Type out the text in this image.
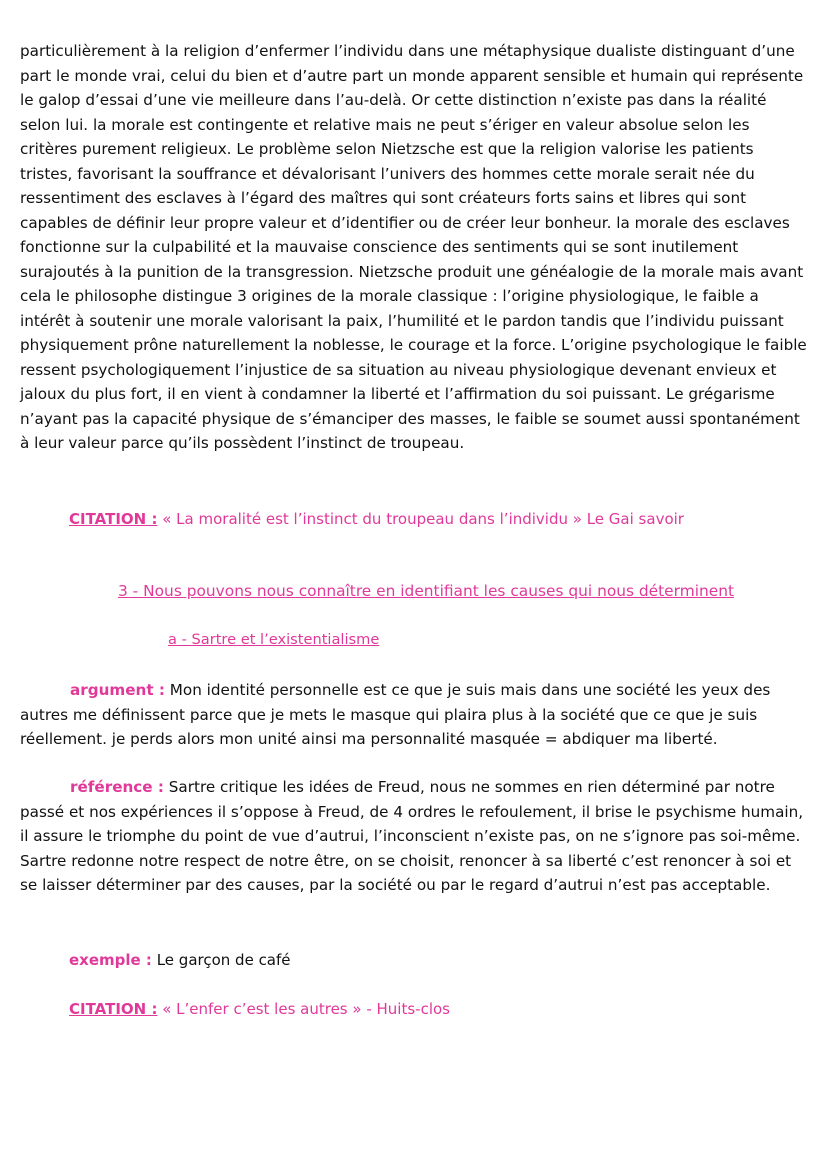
particulièrement à la religion d’enfermer l’individu dans une métaphysique dualiste distinguant d’une part le monde vrai, celui du bien et d’autre part un monde apparent sensible et humain qui représente le galop d’essai d’une vie meilleure dans l’au-delà. Or cette distinction n’existe pas dans la réalité selon lui. la morale est contingente et relative mais ne peut s’ériger en valeur absolue selon les critères purement religieux. Le problème selon Nietzsche est que la religion valorise les patients tristes, favorisant la souffrance et dévalorisant l’univers des hommes cette morale serait née du ressentiment des esclaves à l’égard des maîtres qui sont créateurs forts sains et libres qui sont capables de définir leur propre valeur et d’identifier ou de créer leur bonheur. la morale des esclaves fonctionne sur la culpabilité et la mauvaise conscience des sentiments qui se sont inutilement surajoutés à la punition de la transgression. Nietzsche produit une généalogie de la morale mais avant cela le philosophe distingue 3 origines de la morale classique : l’origine physiologique, le faible a intérêt à soutenir une morale valorisant la paix, l’humilité et le pardon tandis que l’individu puissant physiquement prône naturellement la noblesse, le courage et la force. L’origine psychologique le faible ressent psychologiquement l’injustice de sa situation au niveau physiologique devenant envieux et jaloux du plus fort, il en vient à condamner la liberté et l’affirmation du soi puissant. Le grégarisme n’ayant pas la capacité physique de s’émanciper des masses, le faible se soumet aussi spontanément à leur valeur parce qu’ils possèdent l’instinct de troupeau.

CITATION : « La moralité est l’instinct du troupeau dans l’individu » Le Gai savoir
3 - Nous pouvons nous connaître en identifiant les causes qui nous déterminent
a - Sartre et l’existentialisme

argument : Mon identité personnelle est ce que je suis mais dans une société les yeux des autres me définissent parce que je mets le masque qui plaira plus à la société que ce que je suis réellement. je perds alors mon unité ainsi ma personnalité masquée = abdiquer ma liberté.

référence : Sartre critique les idées de Freud, nous ne sommes en rien déterminé par notre passé et nos expériences il s’oppose à Freud, de 4 ordres le refoulement, il brise le psychisme humain, il assure le triomphe du point de vue d’autrui, l’inconscient n’existe pas, on ne s’ignore pas soi-même. Sartre redonne notre respect de notre être, on se choisit, renoncer à sa liberté c’est renoncer à soi et se laisser déterminer par des causes, par la société ou par le regard d’autrui n’est pas acceptable.

exemple : Le garçon de café
CITATION : « L’enfer c’est les autres » - Huits-clos
